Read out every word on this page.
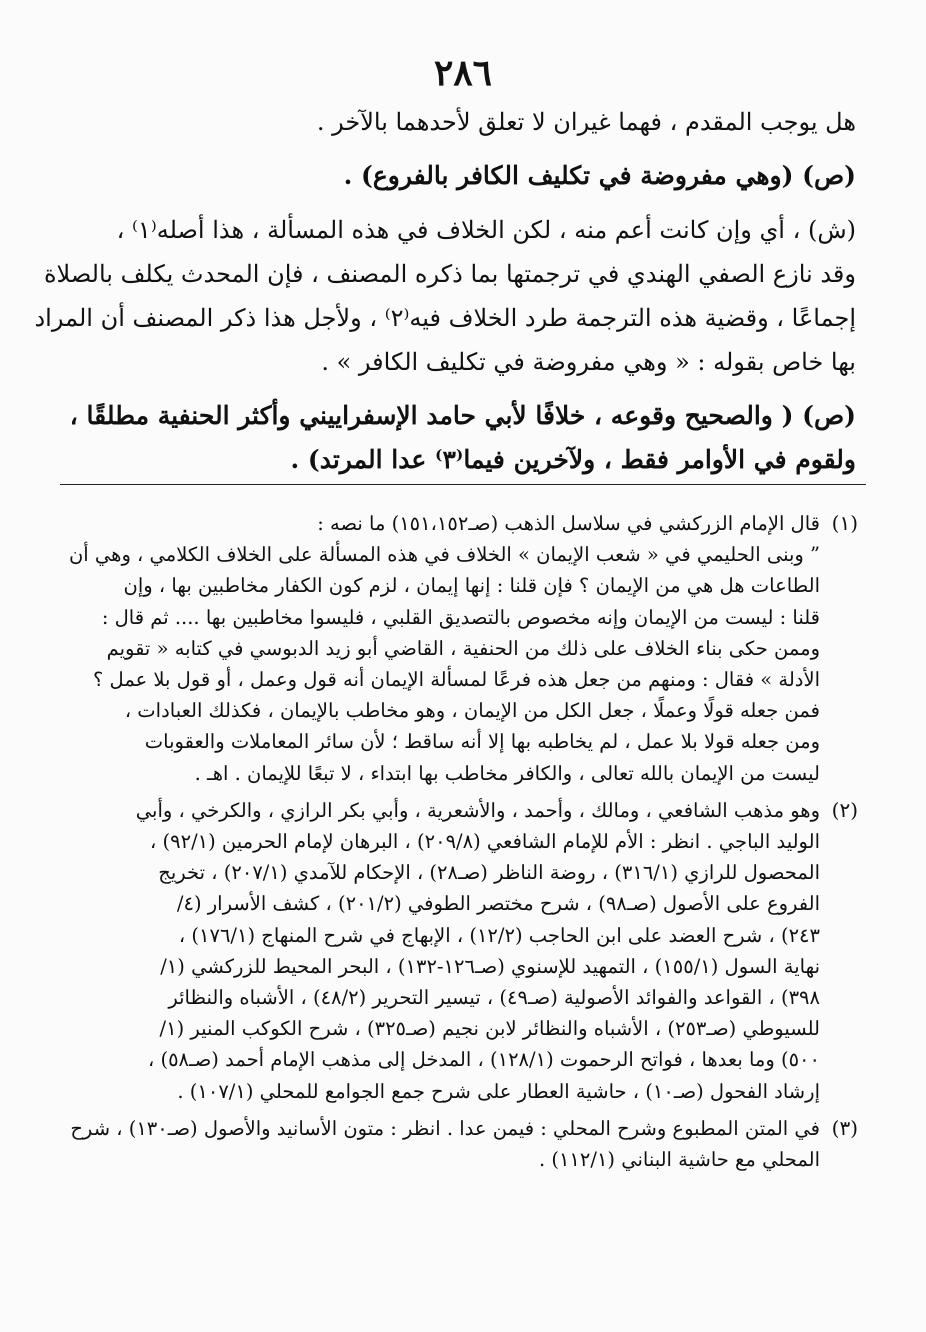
٢٨٦
هل يوجب المقدم ، فهما غيران لا تعلق لأحدهما بالآخر .
(ص) (وهي مفروضة في تكليف الكافر بالفروع) .
(ش) ، أي وإن كانت أعم منه ، لكن الخلاف في هذه المسألة ، هذا أصله⁽١⁾ ،
وقد نازع الصفي الهندي في ترجمتها بما ذكره المصنف ، فإن المحدث يكلف بالصلاة
إجماعًا ، وقضية هذه الترجمة طرد الخلاف فيه⁽٢⁾ ، ولأجل هذا ذكر المصنف أن المراد
بها خاص بقوله : « وهي مفروضة في تكليف الكافر » .
(ص) ( والصحيح وقوعه ، خلافًا لأبي حامد الإسفراييني وأكثر الحنفية مطلقًا ،
ولقوم في الأوامر فقط ، ولآخرين فيما⁽٣⁾ عدا المرتد) .
(١)
قال الإمام الزركشي في سلاسل الذهب (صـ١٥١،١٥٢) ما نصه :
” وبنى الحليمي في « شعب الإيمان » الخلاف في هذه المسألة على الخلاف الكلامي ، وهي أن
الطاعات هل هي من الإيمان ؟ فإن قلنا : إنها إيمان ، لزم كون الكفار مخاطبين بها ، وإن
قلنا : ليست من الإيمان وإنه مخصوص بالتصديق القلبي ، فليسوا مخاطبين بها .... ثم قال :
وممن حكى بناء الخلاف على ذلك من الحنفية ، القاضي أبو زيد الدبوسي في كتابه « تقويم
الأدلة » فقال : ومنهم من جعل هذه فرعًا لمسألة الإيمان أنه قول وعمل ، أو قول بلا عمل ؟
فمن جعله قولًا وعملًا ، جعل الكل من الإيمان ، وهو مخاطب بالإيمان ، فكذلك العبادات ،
ومن جعله قولا بلا عمل ، لم يخاطبه بها إلا أنه ساقط ؛ لأن سائر المعاملات والعقوبات
ليست من الإيمان بالله تعالى ، والكافر مخاطب بها ابتداء ، لا تبعًا للإيمان . اهـ .
(٢)
وهو مذهب الشافعي ، ومالك ، وأحمد ، والأشعرية ، وأبي بكر الرازي ، والكرخي ، وأبي
الوليد الباجي . انظر : الأم للإمام الشافعي (٢٠٩/٨) ، البرهان لإمام الحرمين (٩٢/١) ،
المحصول للرازي (٣١٦/١) ، روضة الناظر (صـ٢٨) ، الإحكام للآمدي (٢٠٧/١) ، تخريج
الفروع على الأصول (صـ٩٨) ، شرح مختصر الطوفي (٢٠١/٢) ، كشف الأسرار (٤/
٢٤٣) ، شرح العضد على ابن الحاجب (١٢/٢) ، الإبهاج في شرح المنهاج (١٧٦/١) ،
نهاية السول (١٥٥/١) ، التمهيد للإسنوي (صـ١٢٦-١٣٢) ، البحر المحيط للزركشي (١/
٣٩٨) ، القواعد والفوائد الأصولية (صـ٤٩) ، تيسير التحرير (٤٨/٢) ، الأشباه والنظائر
للسيوطي (صـ٢٥٣) ، الأشباه والنظائر لابن نجيم (صـ٣٢٥) ، شرح الكوكب المنير (١/
٥٠٠) وما بعدها ، فواتح الرحموت (١٢٨/١) ، المدخل إلى مذهب الإمام أحمد (صـ٥٨) ،
إرشاد الفحول (صـ١٠) ، حاشية العطار على شرح جمع الجوامع للمحلي (١٠٧/١) .
(٣)
في المتن المطبوع وشرح المحلي : فيمن عدا . انظر : متون الأسانيد والأصول (صـ١٣٠) ، شرح
المحلي مع حاشية البناني (١١٢/١) .
